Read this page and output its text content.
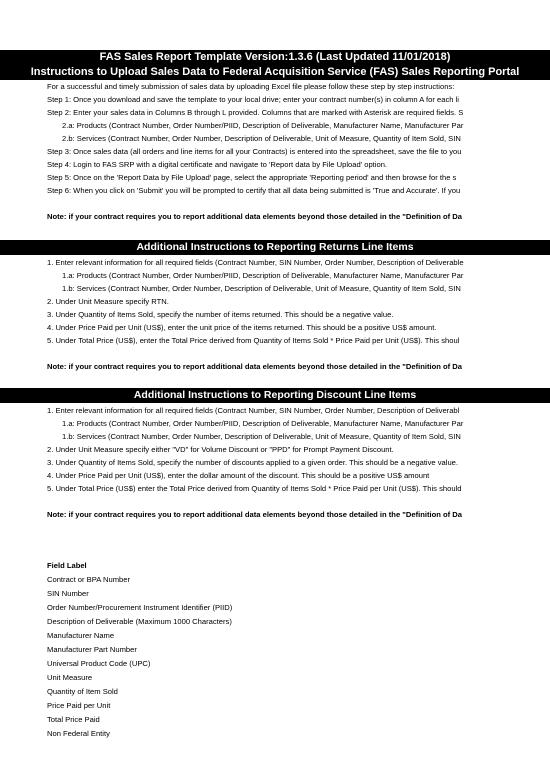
FAS Sales Report Template Version:1.3.6 (Last Updated 11/01/2018)
Instructions to Upload Sales Data to Federal Acquisition Service (FAS) Sales Reporting Portal
For a successful and timely submission of sales data by uploading Excel file please follow these step by step instructions:
Step 1: Once you download and save the template to your local drive; enter your contract number(s) in column A for each li
Step 2: Enter your sales data in Columns B through L provided. Columns that are marked with Asterisk are required fields. S
2.a: Products (Contract Number, Order Number/PIID, Description of Deliverable, Manufacturer Name, Manufacturer Par
2.b: Services (Contract Number, Order Number, Description of Deliverable, Unit of Measure, Quantity of Item Sold, SIN
Step 3: Once sales data (all orders and line items for all your Contracts) is entered into the spreadsheet, save the file to you
Step 4: Login to FAS SRP with a digital certificate and navigate to 'Report data by File Upload' option.
Step 5: Once on the 'Report Data by File Upload' page, select the appropriate 'Reporting period' and then browse for the s
Step 6: When you click on 'Submit' you will be prompted to certify that all data being submitted is 'True and Accurate'. If you
Note: if your contract requires you to report additional data elements beyond those detailed in the "Definition of Da
Additional Instructions to Reporting Returns Line Items
1. Enter relevant information for all required fields (Contract Number, SIN Number, Order Number, Description of Deliverable
1.a: Products (Contract Number, Order Number/PIID, Description of Deliverable, Manufacturer Name, Manufacturer Par
1.b: Services (Contract Number, Order Number, Description of Deliverable, Unit of Measure, Quantity of Item Sold, SIN
2. Under Unit Measure specify RTN.
3. Under Quantity of Items Sold, specify the number of items returned. This should be a negative value.
4. Under Price Paid per Unit (US$), enter the unit price of the items returned. This should be a positive US$ amount.
5. Under Total Price (US$), enter the Total Price derived from Quantity of Items Sold * Price Paid per Unit (US$). This shoul
Note: if your contract requires you to report additional data elements beyond those detailed in the "Definition of Da
Additional Instructions to Reporting Discount Line Items
1. Enter relevant information for all required fields (Contract Number, SIN Number, Order Number, Description of Deliverabl
1.a: Products (Contract Number, Order Number/PIID, Description of Deliverable, Manufacturer Name, Manufacturer Par
1.b: Services (Contract Number, Order Number, Description of Deliverable, Unit of Measure, Quantity of Item Sold, SIN
2. Under Unit Measure specify either "VD" for Volume Discount or "PPD" for Prompt Payment Discount.
3. Under Quantity of Items Sold, specify the number of discounts applied to a given order. This should be a negative value.
4. Under Price Paid per Unit (US$), enter the dollar amount of the discount. This should be a positive US$ amount
5. Under Total Price (US$) enter the Total Price derived from Quantity of Items Sold * Price Paid per Unit (US$). This should
Note: if your contract requires you to report additional data elements beyond those detailed in the "Definition of Da
Field Label
Contract or BPA Number
SIN Number
Order Number/Procurement Instrument Identifier (PIID)
Description of Deliverable (Maximum 1000 Characters)
Manufacturer Name
Manufacturer Part Number
Universal Product Code (UPC)
Unit Measure
Quantity of Item Sold
Price Paid per Unit
Total Price Paid
Non Federal Entity
